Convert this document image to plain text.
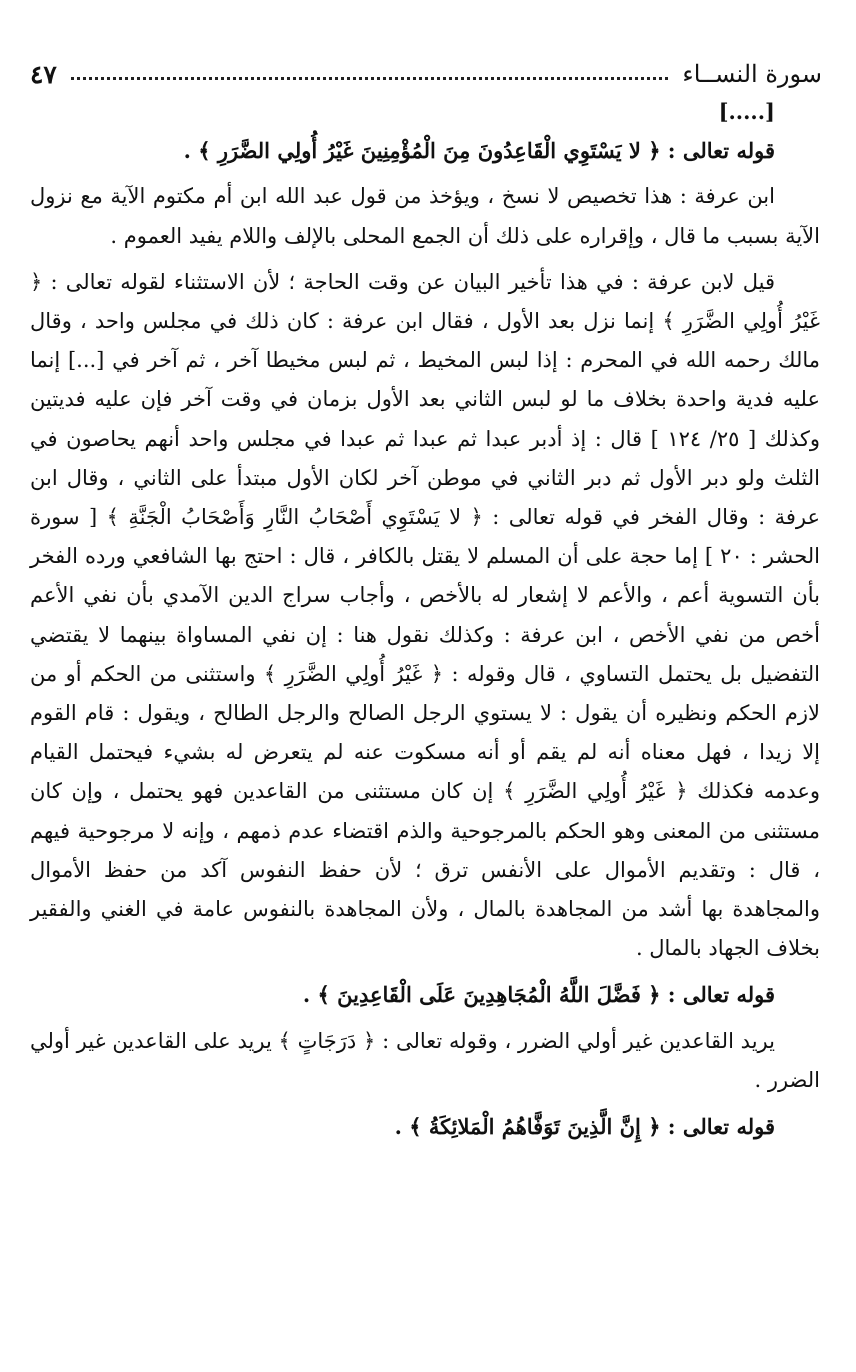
سورة النســاء
٤٧

[.....]

قوله تعالى : ﴿ لا يَسْتَوِي الْقَاعِدُونَ مِنَ الْمُؤْمِنِينَ غَيْرُ أُولِي الضَّرَرِ ﴾ .

ابن عرفة : هذا تخصيص لا نسخ ، ويؤخذ من قول عبد الله ابن أم مكتوم الآية مع نزول الآية بسبب ما قال ، وإقراره على ذلك أن الجمع المحلى بالإلف واللام يفيد العموم .

قيل لابن عرفة : في هذا تأخير البيان عن وقت الحاجة ؛ لأن الاستثناء لقوله تعالى : ﴿ غَيْرُ أُولِي الضَّرَرِ ﴾ إنما نزل بعد الأول ، فقال ابن عرفة : كان ذلك في مجلس واحد ، وقال مالك رحمه الله في المحرم : إذا لبس المخيط ، ثم لبس مخيطا آخر ، ثم آخر في [...] إنما عليه فدية واحدة بخلاف ما لو لبس الثاني بعد الأول بزمان في وقت آخر فإن عليه فديتين وكذلك [ ٢٥/ ١٢٤ ] قال : إذ أدبر عبدا ثم عبدا ثم عبدا في مجلس واحد أنهم يحاصون في الثلث ولو دبر الأول ثم دبر الثاني في موطن آخر لكان الأول مبتدأ على الثاني ، وقال ابن عرفة : وقال الفخر في قوله تعالى : ﴿ لا يَسْتَوِي أَصْحَابُ النَّارِ وَأَصْحَابُ الْجَنَّةِ ﴾ [ سورة الحشر : ٢٠ ] إما حجة على أن المسلم لا يقتل بالكافر ، قال : احتج بها الشافعي ورده الفخر بأن التسوية أعم ، والأعم لا إشعار له بالأخص ، وأجاب سراج الدين الآمدي بأن نفي الأعم أخص من نفي الأخص ، ابن عرفة : وكذلك نقول هنا : إن نفي المساواة بينهما لا يقتضي التفضيل بل يحتمل التساوي ، قال وقوله : ﴿ غَيْرُ أُولِي الضَّرَرِ ﴾ واستثنى من الحكم أو من لازم الحكم ونظيره أن يقول : لا يستوي الرجل الصالح والرجل الطالح ، ويقول : قام القوم إلا زيدا ، فهل معناه أنه لم يقم أو أنه مسكوت عنه لم يتعرض له بشيء فيحتمل القيام وعدمه فكذلك ﴿ غَيْرُ أُولِي الضَّرَرِ ﴾ إن كان مستثنى من القاعدين فهو يحتمل ، وإن كان مستثنى من المعنى وهو الحكم بالمرجوحية والذم اقتضاء عدم ذمهم ، وإنه لا مرجوحية فيهم ، قال : وتقديم الأموال على الأنفس ترق ؛ لأن حفظ النفوس آكد من حفظ الأموال والمجاهدة بها أشد من المجاهدة بالمال ، ولأن المجاهدة بالنفوس عامة في الغني والفقير بخلاف الجهاد بالمال .

قوله تعالى : ﴿ فَضَّلَ اللَّهُ الْمُجَاهِدِينَ عَلَى الْقَاعِدِينَ ﴾ .

يريد القاعدين غير أولي الضرر ، وقوله تعالى : ﴿ دَرَجَاتٍ ﴾ يريد على القاعدين غير أولي الضرر .

قوله تعالى : ﴿ إِنَّ الَّذِينَ تَوَفَّاهُمُ الْمَلائِكَةُ ﴾ .
